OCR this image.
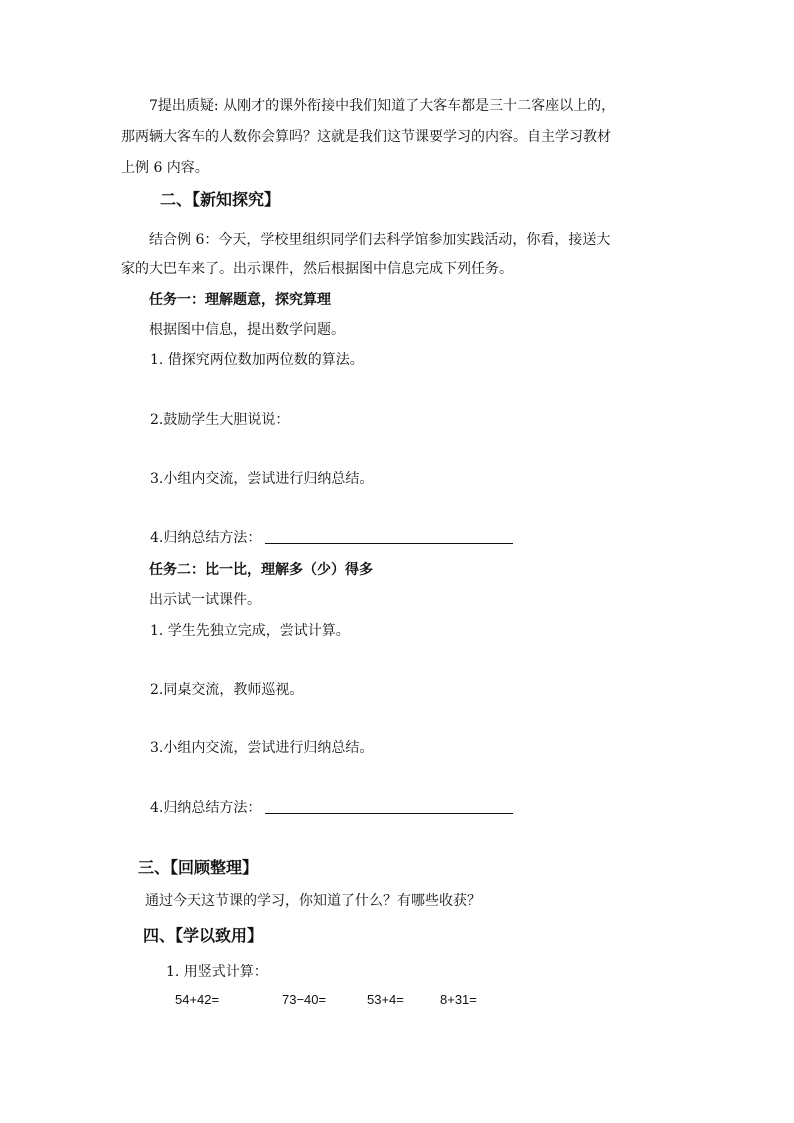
7提出质疑: 从刚才的课外衔接中我们知道了大客车都是三十二客座以上的，
那两辆大客车的人数你会算吗？这就是我们这节课要学习的内容。自主学习教材
上例 6 内容。
二、【新知探究】
结合例 6：今天，学校里组织同学们去科学馆参加实践活动，你看，接送大
家的大巴车来了。出示课件，然后根据图中信息完成下列任务。
任务一：理解题意，探究算理
根据图中信息，提出数学问题。
1. 借探究两位数加两位数的算法。
2.鼓励学生大胆说说：
3.小组内交流，尝试进行归纳总结。
4.归纳总结方法：
任务二：比一比，理解多（少）得多
出示试一试课件。
1. 学生先独立完成，尝试计算。
2.同桌交流，教师巡视。
3.小组内交流，尝试进行归纳总结。
4.归纳总结方法：
三、【回顾整理】
通过今天这节课的学习，你知道了什么？有哪些收获？
四、【学以致用】
1. 用竖式计算：
54+42=	73−40=	53+4=	8+31=
